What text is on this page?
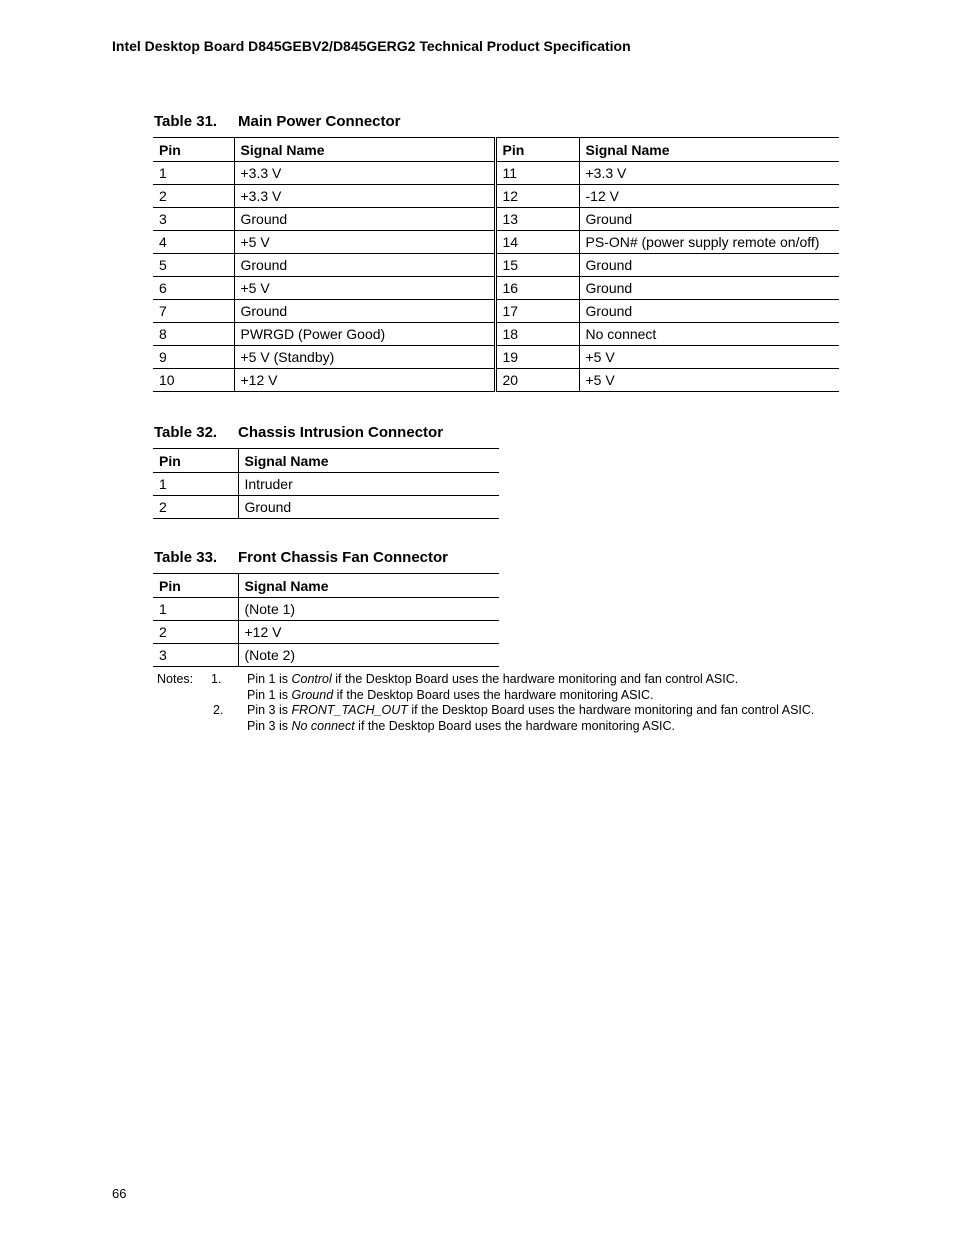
Intel Desktop Board D845GEBV2/D845GERG2 Technical Product Specification
Table 31. Main Power Connector
Pin	Signal Name	Pin	Signal Name
1	+3.3 V	11	+3.3 V
2	+3.3 V	12	-12 V
3	Ground	13	Ground
4	+5 V	14	PS-ON# (power supply remote on/off)
5	Ground	15	Ground
6	+5 V	16	Ground
7	Ground	17	Ground
8	PWRGD (Power Good)	18	No connect
9	+5 V (Standby)	19	+5 V
10	+12 V	20	+5 V
Table 32. Chassis Intrusion Connector
Pin	Signal Name
1	Intruder
2	Ground
Table 33. Front Chassis Fan Connector
Pin	Signal Name
1	(Note 1)
2	+12 V
3	(Note 2)
Notes: 1. Pin 1 is Control if the Desktop Board uses the hardware monitoring and fan control ASIC.
Pin 1 is Ground if the Desktop Board uses the hardware monitoring ASIC.
2. Pin 3 is FRONT_TACH_OUT if the Desktop Board uses the hardware monitoring and fan control ASIC.
Pin 3 is No connect if the Desktop Board uses the hardware monitoring ASIC.
66
